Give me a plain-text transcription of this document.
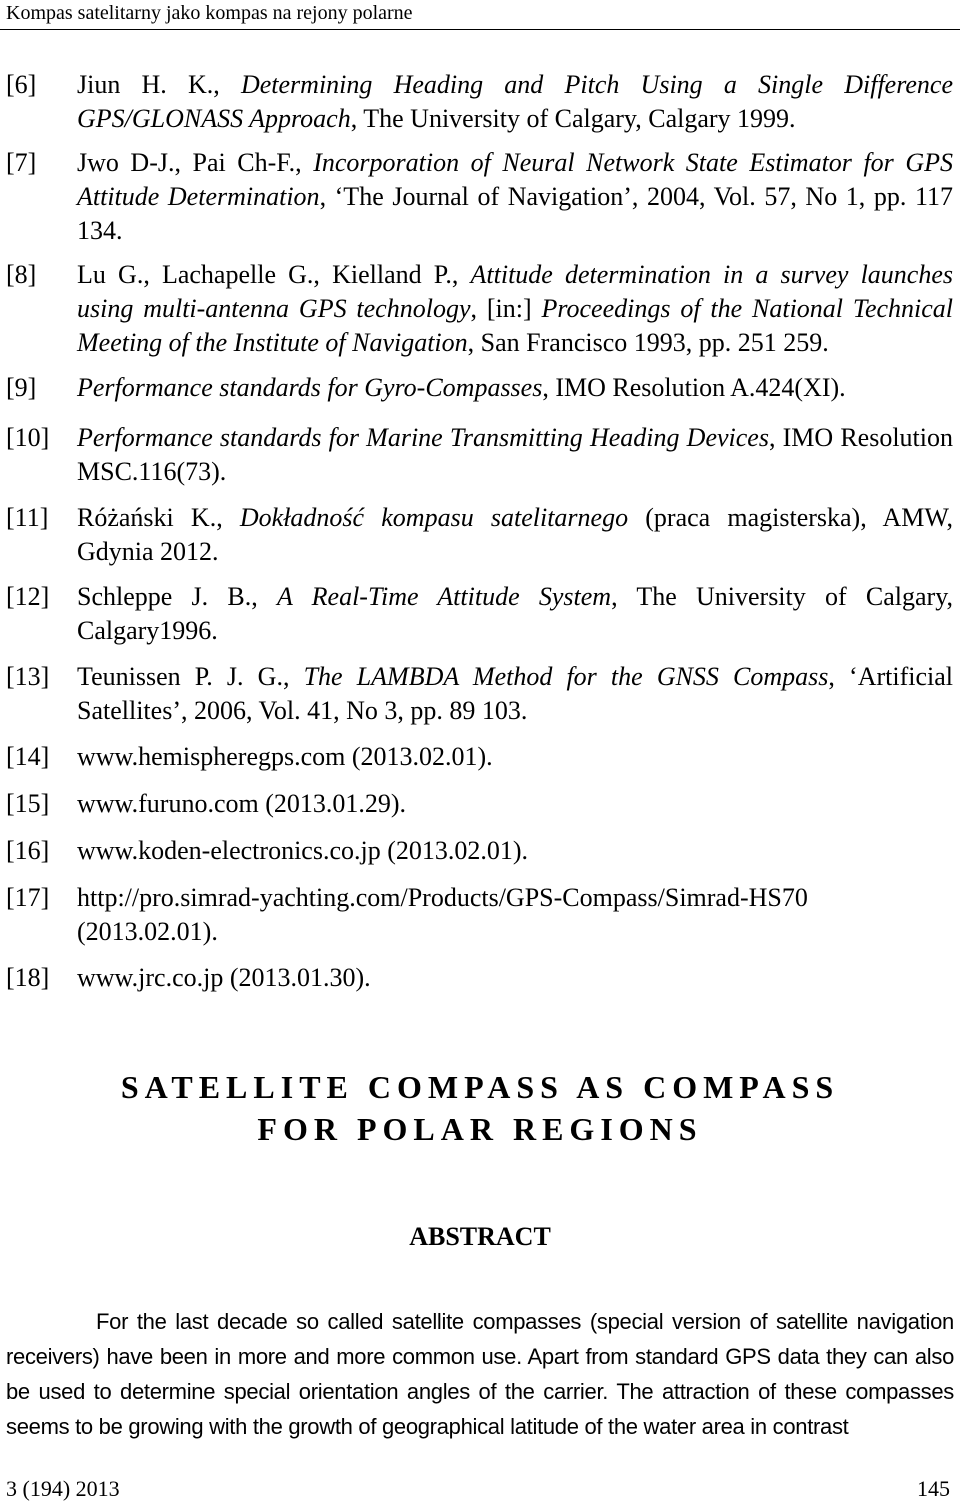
Kompas satelitarny jako kompas na rejony polarne
[6] Jiun H. K., Determining Heading and Pitch Using a Single Difference GPS/GLONASS Approach, The University of Calgary, Calgary 1999.
[7] Jwo D-J., Pai Ch-F., Incorporation of Neural Network State Estimator for GPS Attitude Determination, ‘The Journal of Navigation’, 2004, Vol. 57, No 1, pp. 117 134.
[8] Lu G., Lachapelle G., Kielland P., Attitude determination in a survey launches using multi-antenna GPS technology, [in:] Proceedings of the National Technical Meeting of the Institute of Navigation, San Francisco 1993, pp. 251 259.
[9] Performance standards for Gyro-Compasses, IMO Resolution A.424(XI).
[10] Performance standards for Marine Transmitting Heading Devices, IMO Resolution MSC.116(73).
[11] Różański K., Dokładność kompasu satelitarnego (praca magisterska), AMW, Gdynia 2012.
[12] Schleppe J. B., A Real-Time Attitude System, The University of Calgary, Calgary1996.
[13] Teunissen P. J. G., The LAMBDA Method for the GNSS Compass, ‘Artificial Satellites’, 2006, Vol. 41, No 3, pp. 89 103.
[14] www.hemispheregps.com (2013.02.01).
[15] www.furuno.com (2013.01.29).
[16] www.koden-electronics.co.jp (2013.02.01).
[17] http://pro.simrad-yachting.com/Products/GPS-Compass/Simrad-HS70 (2013.02.01).
[18] www.jrc.co.jp (2013.01.30).
SATELLITE COMPASS AS COMPASS
FOR POLAR REGIONS
ABSTRACT
For the last decade so called satellite compasses (special version of satellite navigation receivers) have been in more and more common use. Apart from standard GPS data they can also be used to determine special orientation angles of the carrier. The attraction of these compasses seems to be growing with the growth of geographical latitude of the water area in contrast
3 (194) 2013	145
